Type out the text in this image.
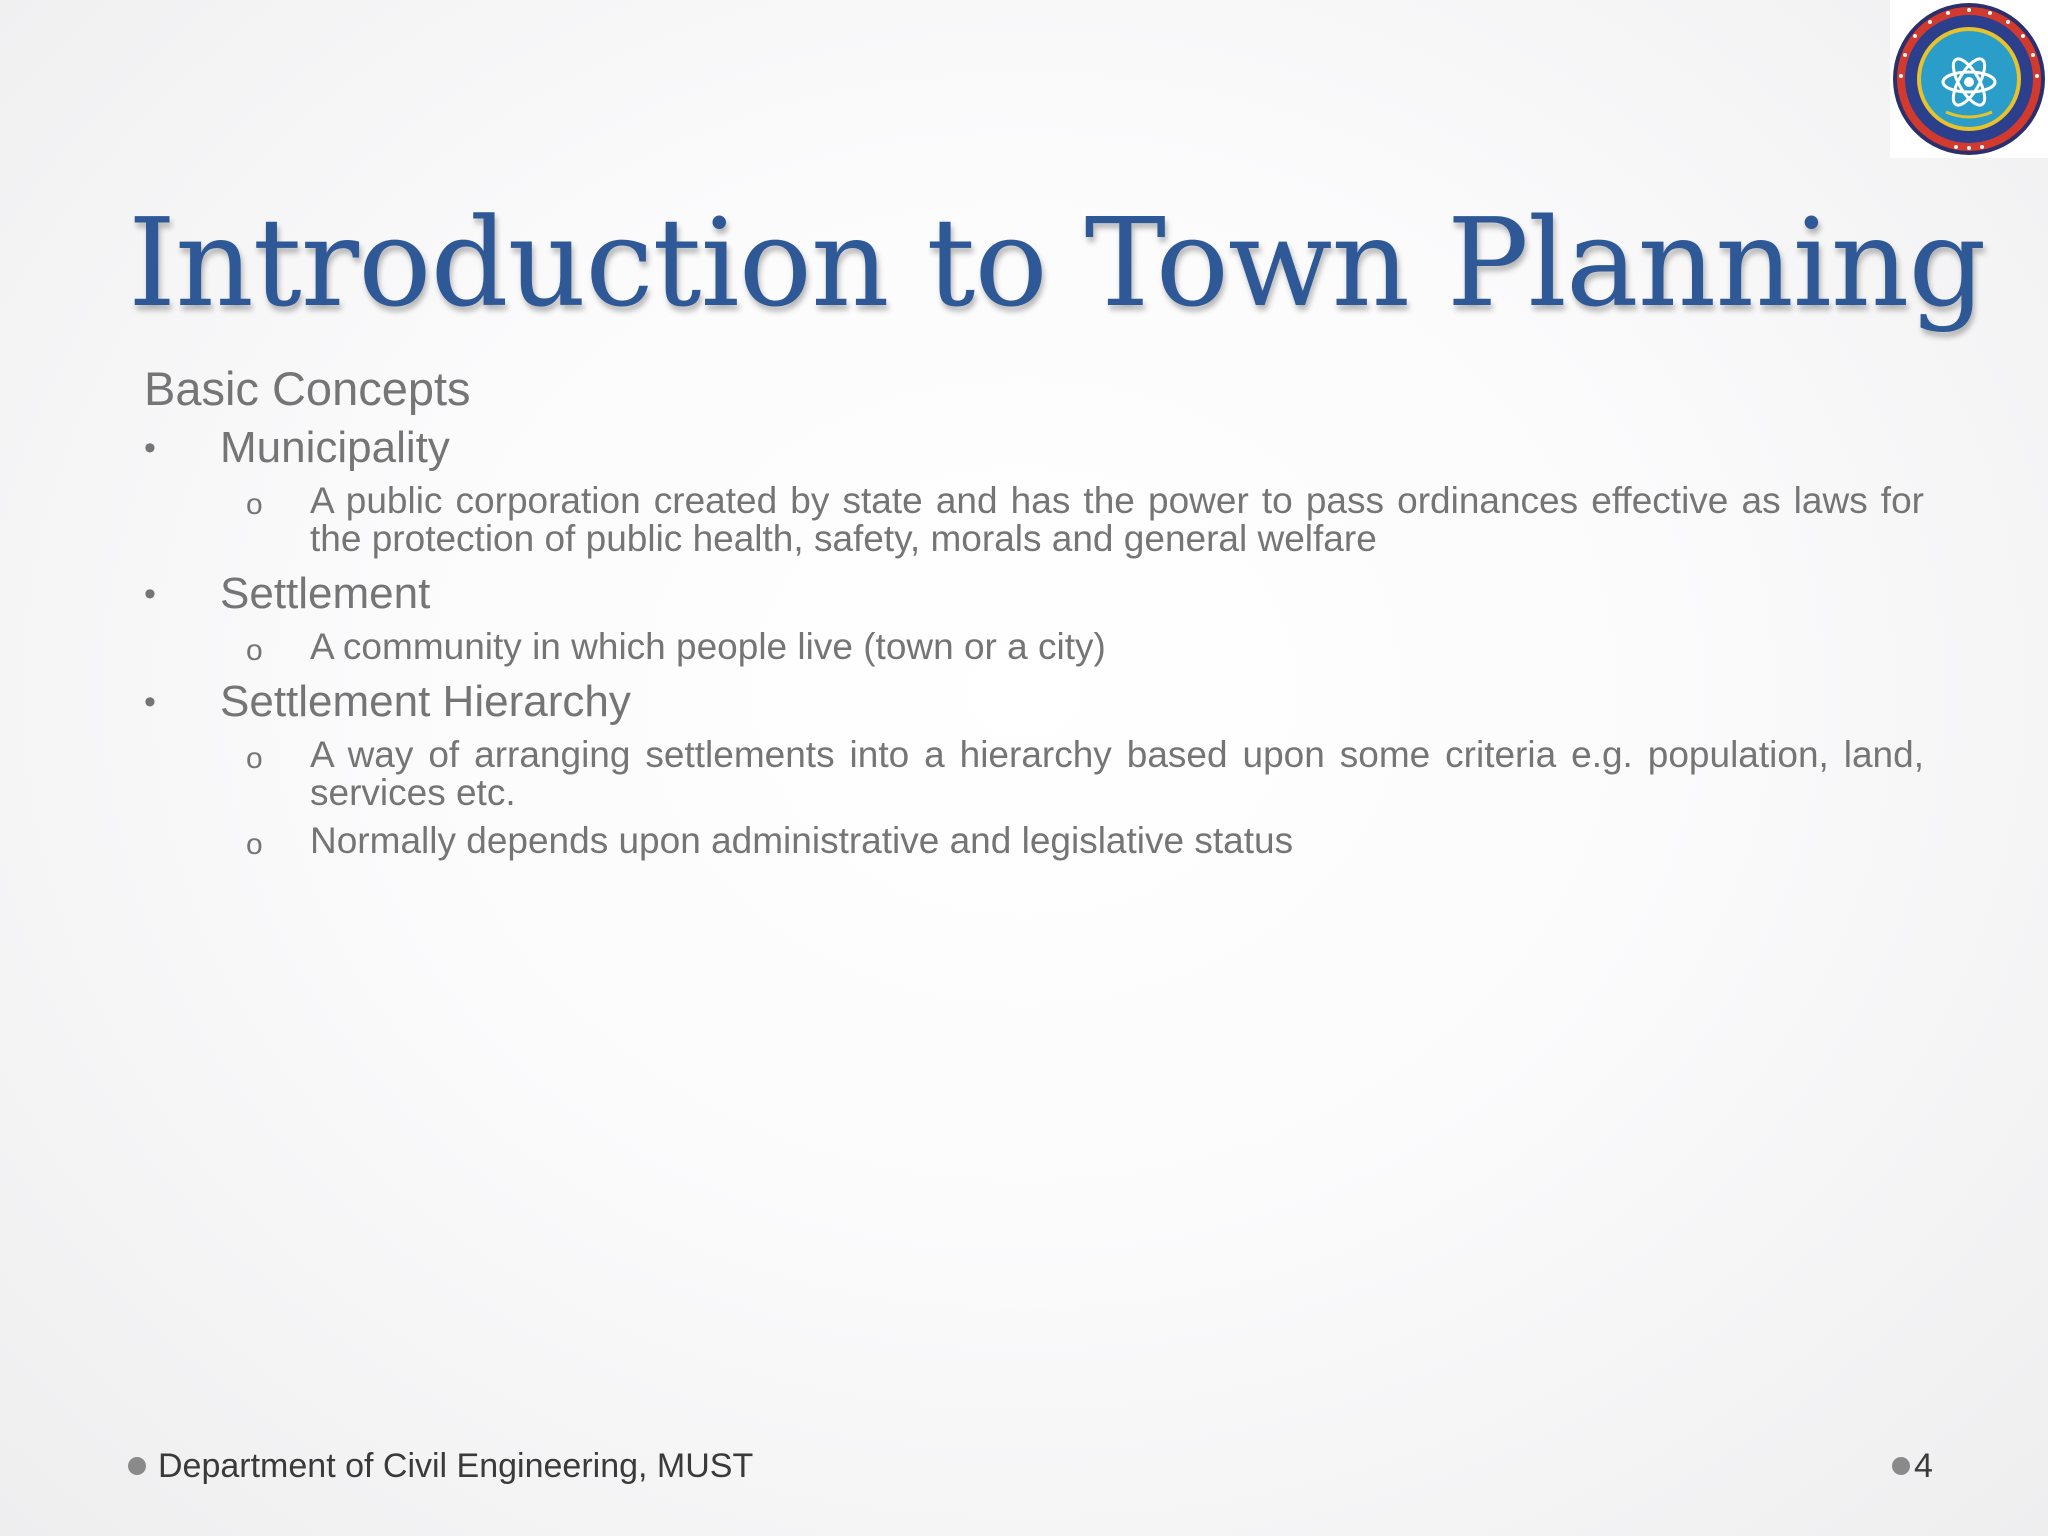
Introduction to Town Planning
Basic Concepts
• Municipality
o A public corporation created by state and has the power to pass ordinances effective as laws for the protection of public health, safety, morals and general welfare
• Settlement
o A community in which people live (town or a city)
• Settlement Hierarchy
o A way of arranging settlements into a hierarchy based upon some criteria e.g. population, land, services etc.
o Normally depends upon administrative and legislative status
Department of Civil Engineering, MUST	4
